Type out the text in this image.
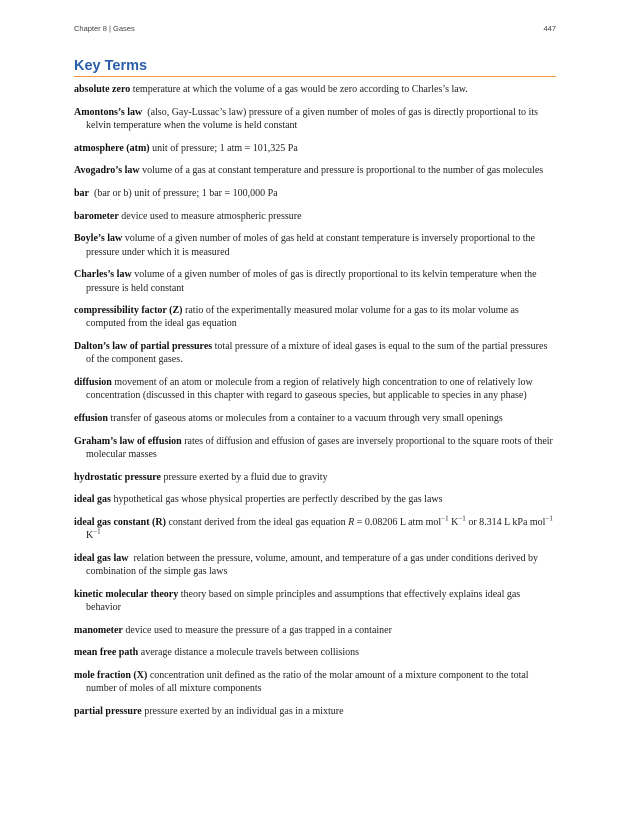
Chapter 8 | Gases	447
Key Terms

absolute zero temperature at which the volume of a gas would be zero according to Charles’s law.

Amontons’s law (also, Gay-Lussac’s law) pressure of a given number of moles of gas is directly proportional to its kelvin temperature when the volume is held constant

atmosphere (atm) unit of pressure; 1 atm = 101,325 Pa

Avogadro’s law volume of a gas at constant temperature and pressure is proportional to the number of gas molecules

bar (bar or b) unit of pressure; 1 bar = 100,000 Pa

barometer device used to measure atmospheric pressure

Boyle’s law volume of a given number of moles of gas held at constant temperature is inversely proportional to the pressure under which it is measured

Charles’s law volume of a given number of moles of gas is directly proportional to its kelvin temperature when the pressure is held constant

compressibility factor (Z) ratio of the experimentally measured molar volume for a gas to its molar volume as computed from the ideal gas equation

Dalton’s law of partial pressures total pressure of a mixture of ideal gases is equal to the sum of the partial pressures of the component gases.

diffusion movement of an atom or molecule from a region of relatively high concentration to one of relatively low concentration (discussed in this chapter with regard to gaseous species, but applicable to species in any phase)

effusion transfer of gaseous atoms or molecules from a container to a vacuum through very small openings

Graham’s law of effusion rates of diffusion and effusion of gases are inversely proportional to the square roots of their molecular masses

hydrostatic pressure pressure exerted by a fluid due to gravity

ideal gas hypothetical gas whose physical properties are perfectly described by the gas laws

ideal gas constant (R) constant derived from the ideal gas equation R = 0.08206 L atm mol$^{-1}$ $K^{-1}$ or 8.314 L kPa mol$^{-1}$ $K^{-1}$

ideal gas law relation between the pressure, volume, amount, and temperature of a gas under conditions derived by combination of the simple gas laws

kinetic molecular theory theory based on simple principles and assumptions that effectively explains ideal gas behavior

manometer device used to measure the pressure of a gas trapped in a container

mean free path average distance a molecule travels between collisions

mole fraction (X) concentration unit defined as the ratio of the molar amount of a mixture component to the total number of moles of all mixture components

partial pressure pressure exerted by an individual gas in a mixture
